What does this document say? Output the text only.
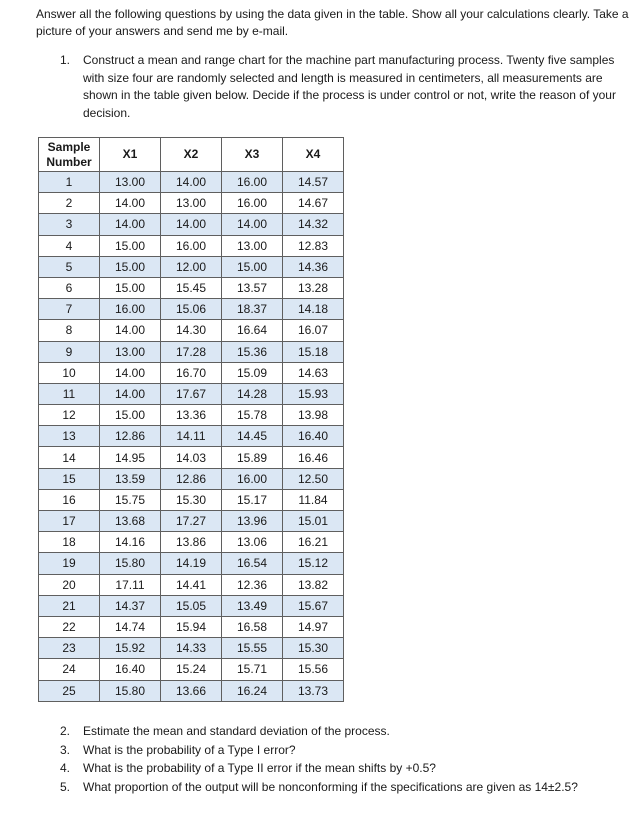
Answer all the following questions by using the data given in the table. Show all your calculations clearly. Take a picture of your answers and send me by e-mail.

1. Construct a mean and range chart for the machine part manufacturing process. Twenty five samples with size four are randomly selected and length is measured in centimeters, all measurements are shown in the table given below. Decide if the process is under control or not, write the reason of your decision.
Sample Number	X1	X2	X3	X4
1	13.00	14.00	16.00	14.57
2	14.00	13.00	16.00	14.67
3	14.00	14.00	14.00	14.32
4	15.00	16.00	13.00	12.83
5	15.00	12.00	15.00	14.36
6	15.00	15.45	13.57	13.28
7	16.00	15.06	18.37	14.18
8	14.00	14.30	16.64	16.07
9	13.00	17.28	15.36	15.18
10	14.00	16.70	15.09	14.63
11	14.00	17.67	14.28	15.93
12	15.00	13.36	15.78	13.98
13	12.86	14.11	14.45	16.40
14	14.95	14.03	15.89	16.46
15	13.59	12.86	16.00	12.50
16	15.75	15.30	15.17	11.84
17	13.68	17.27	13.96	15.01
18	14.16	13.86	13.06	16.21
19	15.80	14.19	16.54	15.12
20	17.11	14.41	12.36	13.82
21	14.37	15.05	13.49	15.67
22	14.74	15.94	16.58	14.97
23	15.92	14.33	15.55	15.30
24	16.40	15.24	15.71	15.56
25	15.80	13.66	16.24	13.73
2. Estimate the mean and standard deviation of the process.
3. What is the probability of a Type I error?
4. What is the probability of a Type II error if the mean shifts by +0.5?
5. What proportion of the output will be nonconforming if the specifications are given as 14±2.5?
